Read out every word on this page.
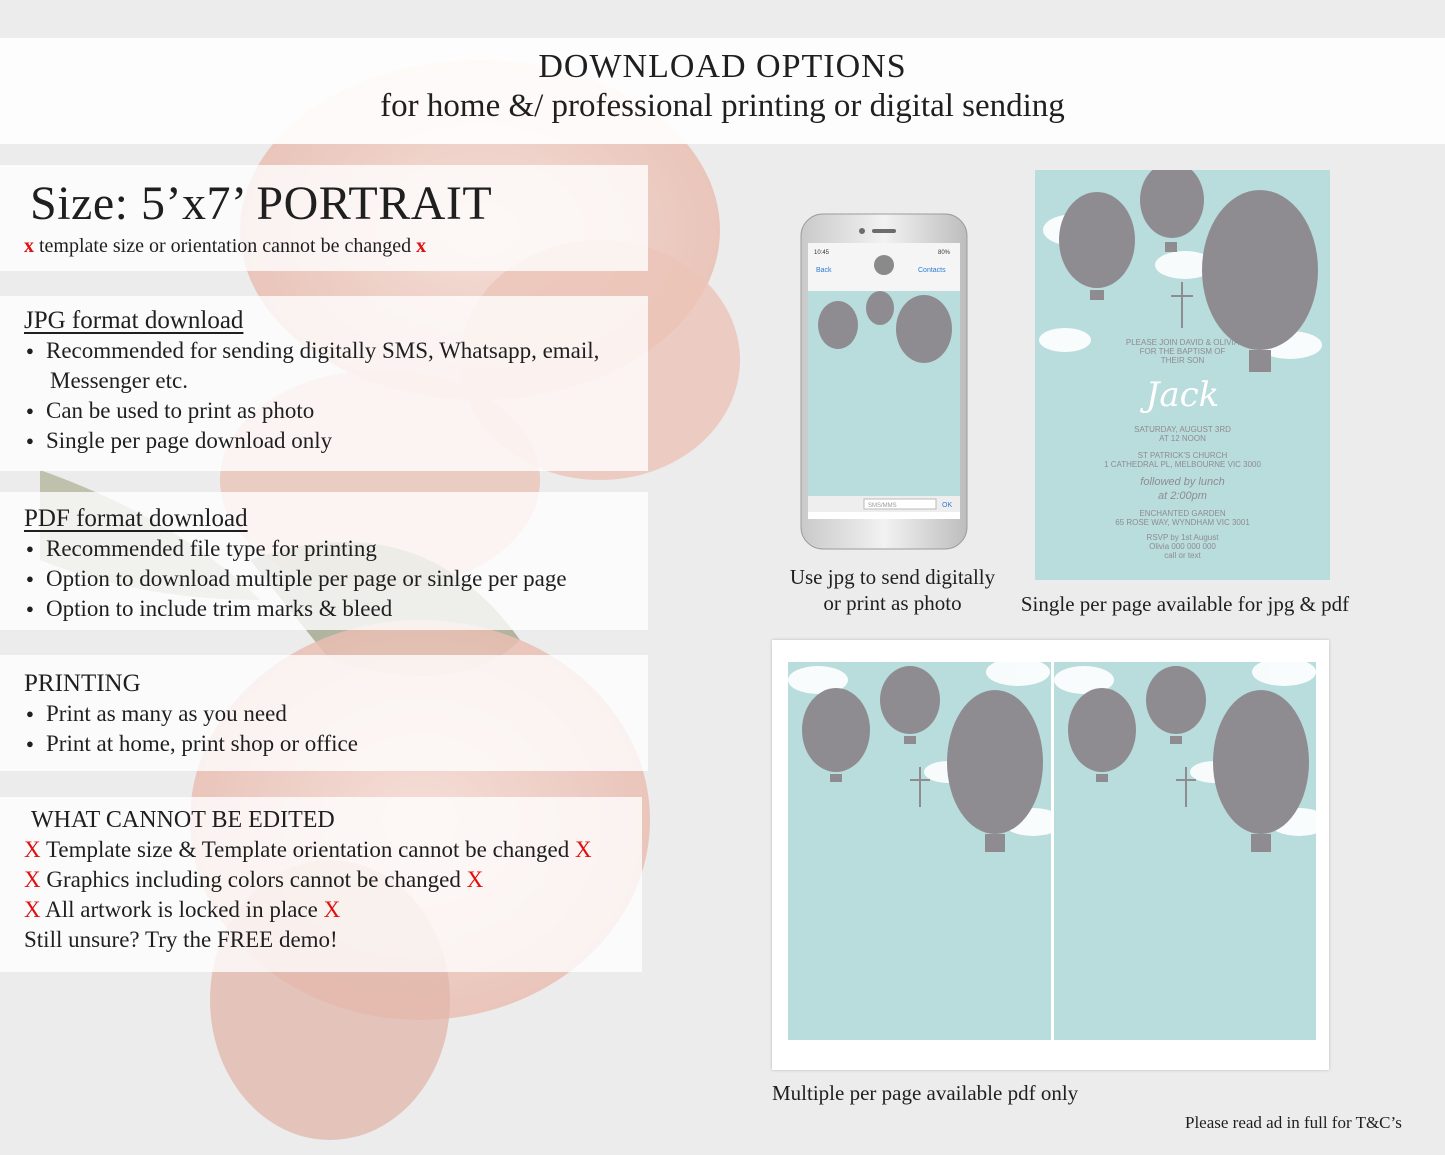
DOWNLOAD OPTIONS
for home &/ professional printing or digital sending
Size: 5’x7’ PORTRAIT
x template size or orientation cannot be changed x
JPG format download
● Recommended for sending digitally SMS, Whatsapp, email,
Messenger etc.
● Can be used to print as photo
● Single per page download only
PDF format download
● Recommended file type for printing
● Option to download multiple per page or sinlge per page
● Option to include trim marks & bleed
PRINTING
● Print as many as you need
● Print at home, print shop or office
WHAT CANNOT BE EDITED
X Template size & Template orientation cannot be changed X
X Graphics including colors cannot be changed X
X All artwork is locked in place X
Still unsure? Try the FREE demo!
10:45	80%
Back	Contacts
SMS/MMS	OK
Use jpg to send digitally
or print as photo
PLEASE JOIN DAVID & OLIVIA
FOR THE BAPTISM OF
THEIR SON
Jack
SATURDAY, AUGUST 3RD
AT 12 NOON
ST PATRICK'S CHURCH
1 CATHEDRAL PL, MELBOURNE VIC 3000
followed by lunch
at 2:00pm
ENCHANTED GARDEN
65 ROSE WAY, WYNDHAM VIC 3001
RSVP by 1st August
Olivia 000 000 000
call or text
Single per page available for jpg & pdf
Multiple per page available pdf only
Please read ad in full for T&C’s
